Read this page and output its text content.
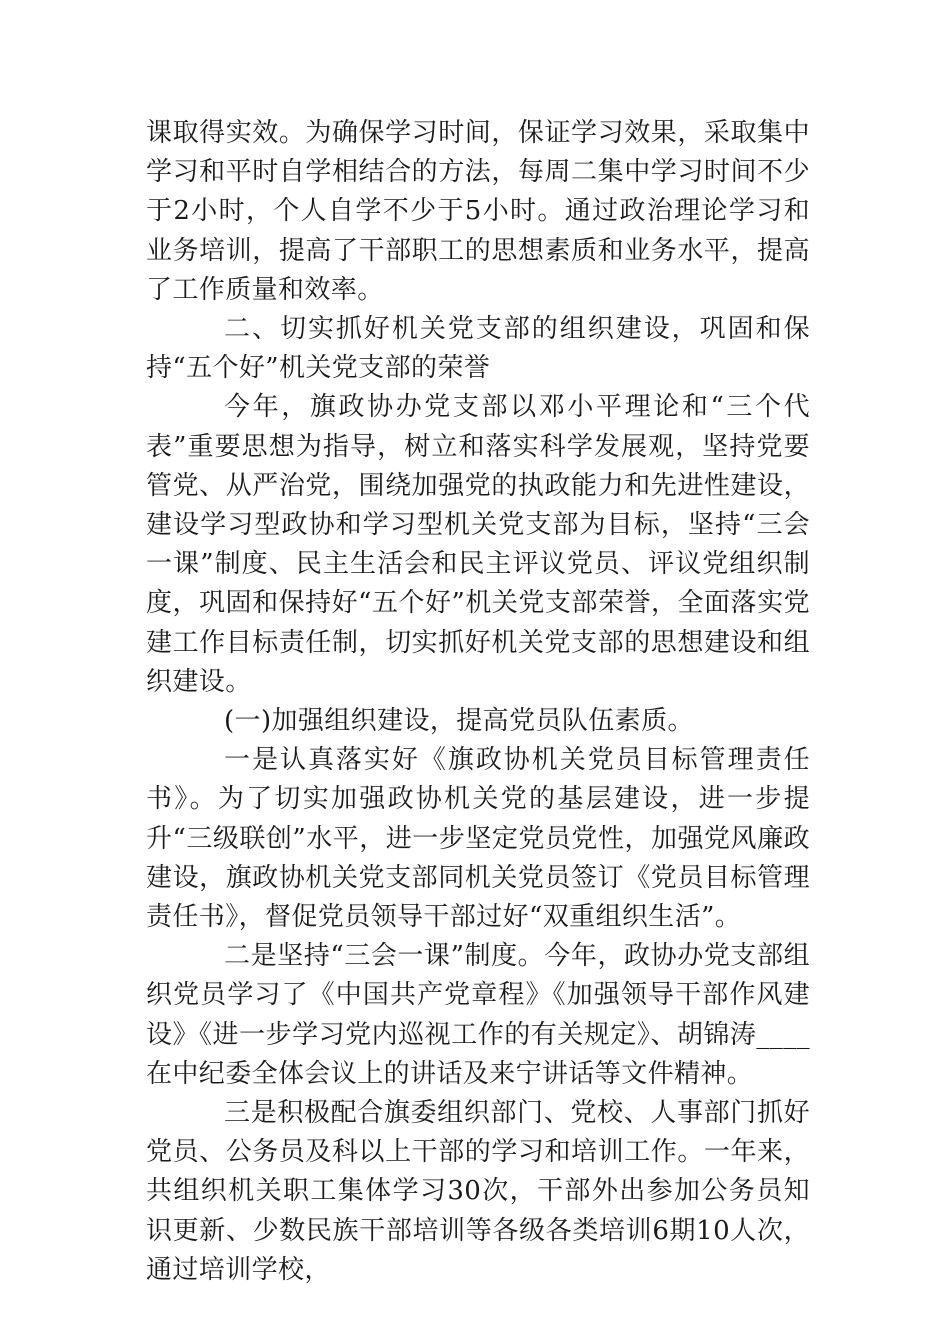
课取得实效。为确保学习时间，保证学习效果，采取集中学习和平时自学相结合的方法，每周二集中学习时间不少于2小时，个人自学不少于5小时。通过政治理论学习和业务培训，提高了干部职工的思想素质和业务水平，提高了工作质量和效率。

二、切实抓好机关党支部的组织建设，巩固和保持“五个好”机关党支部的荣誉

今年，旗政协办党支部以邓小平理论和“三个代表”重要思想为指导，树立和落实科学发展观，坚持党要管党、从严治党，围绕加强党的执政能力和先进性建设，建设学习型政协和学习型机关党支部为目标，坚持“三会一课”制度、民主生活会和民主评议党员、评议党组织制度，巩固和保持好“五个好”机关党支部荣誉，全面落实党建工作目标责任制，切实抓好机关党支部的思想建设和组织建设。

(一)加强组织建设，提高党员队伍素质。

一是认真落实好《旗政协机关党员目标管理责任书》。为了切实加强政协机关党的基层建设，进一步提升“三级联创”水平，进一步坚定党员党性，加强党风廉政建设，旗政协机关党支部同机关党员签订《党员目标管理责任书》，督促党员领导干部过好“双重组织生活”。

二是坚持“三会一课”制度。今年，政协办党支部组织党员学习了《中国共产党章程》《加强领导干部作风建设》《进一步学习党内巡视工作的有关规定》、胡锦涛____在中纪委全体会议上的讲话及来宁讲话等文件精神。

三是积极配合旗委组织部门、党校、人事部门抓好党员、公务员及科以上干部的学习和培训工作。一年来，共组织机关职工集体学习30次，干部外出参加公务员知识更新、少数民族干部培训等各级各类培训6期10人次，通过培训学校，
